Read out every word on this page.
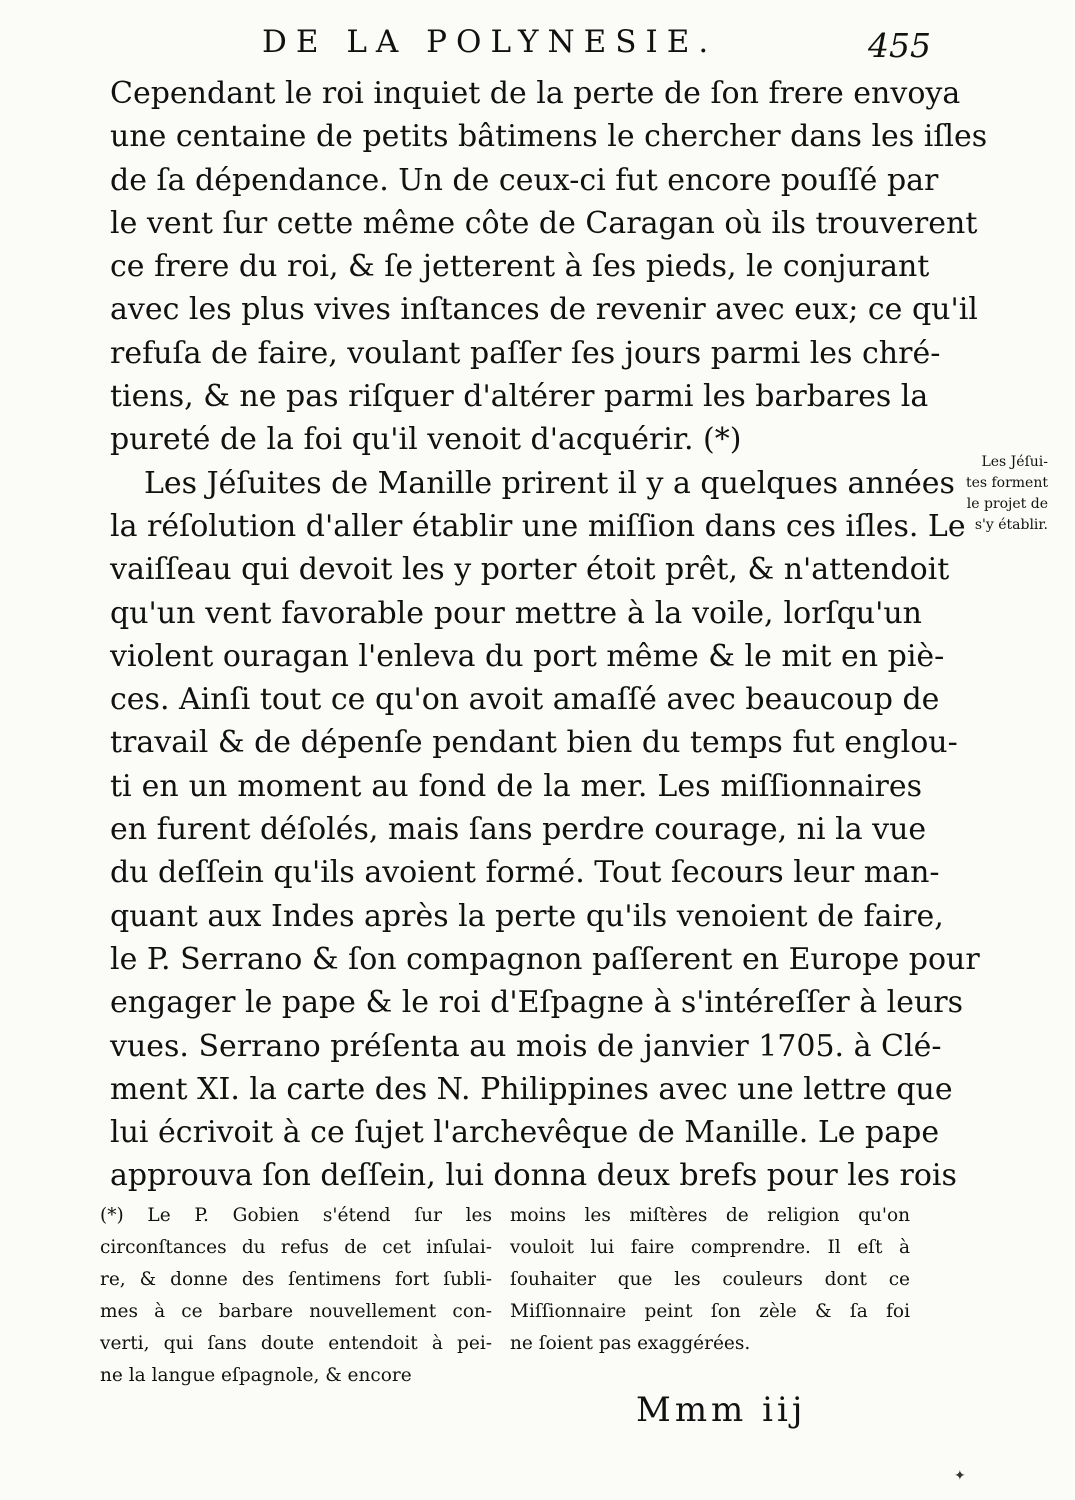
DE LA POLYNESIE.	455
Cependant le roi inquiet de la perte de ſon frere envoya
une centaine de petits bâtimens le chercher dans les iſles
de ſa dépendance. Un de ceux-ci fut encore pouſſé par
le vent ſur cette même côte de Caragan où ils trouverent
ce frere du roi, & ſe jetterent à ſes pieds, le conjurant
avec les plus vives inſtances de revenir avec eux; ce qu'il
refuſa de faire, voulant paſſer ſes jours parmi les chré-
tiens, & ne pas riſquer d'altérer parmi les barbares la
pureté de la foi qu'il venoit d'acquérir. (*)
Les Jéſuites de Manille prirent il y a quelques années
la réſolution d'aller établir une miſſion dans ces iſles. Le
vaiſſeau qui devoit les y porter étoit prêt, & n'attendoit
qu'un vent favorable pour mettre à la voile, lorſqu'un
violent ouragan l'enleva du port même & le mit en piè-
ces. Ainſi tout ce qu'on avoit amaſſé avec beaucoup de
travail & de dépenſe pendant bien du temps fut englou-
ti en un moment au fond de la mer. Les miſſionnaires
en furent déſolés, mais ſans perdre courage, ni la vue
du deſſein qu'ils avoient formé. Tout ſecours leur man-
quant aux Indes après la perte qu'ils venoient de faire,
le P. Serrano & ſon compagnon paſſerent en Europe pour
engager le pape & le roi d'Eſpagne à s'intéreſſer à leurs
vues. Serrano préſenta au mois de janvier 1705. à Clé-
ment XI. la carte des N. Philippines avec une lettre que
lui écrivoit à ce ſujet l'archevêque de Manille. Le pape
approuva ſon deſſein, lui donna deux brefs pour les rois
Les Jéſui-
tes forment
le projet de
s'y établir.
(*) Le P. Gobien s'étend ſur les
circonſtances du refus de cet inſulai-
re, & donne des ſentimens fort ſubli-
mes à ce barbare nouvellement con-
verti, qui ſans doute entendoit à pei-
ne la langue eſpagnole, & encore
moins les miſtères de religion qu'on
vouloit lui faire comprendre. Il eſt à
ſouhaiter que les couleurs dont ce
Miſſionnaire peint ſon zèle & ſa foi
ne ſoient pas exaggérées.
Mmm iij
✦
